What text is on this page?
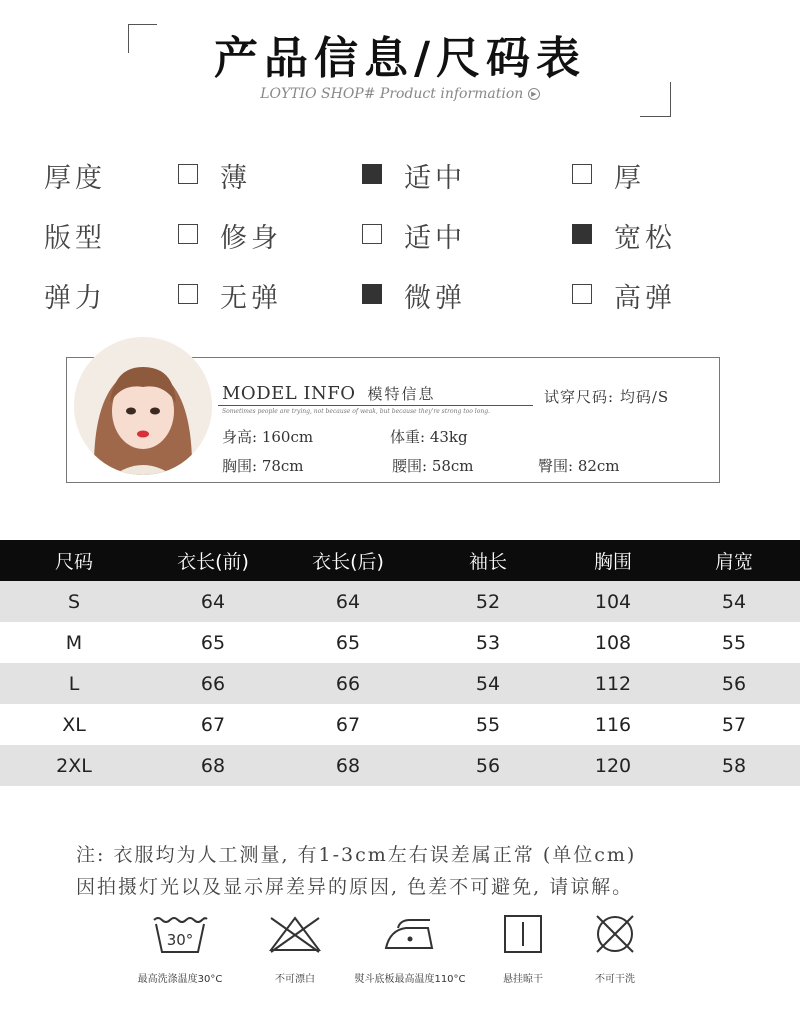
产品信息/尺码表
LOYTIO SHOP# Product information ▶
厚度	薄	适中	厚
版型	修身	适中	宽松
弹力	无弹	微弹	高弹
MODEL INFO 模特信息
Sometimes people are trying, not because of weak, but because they're strong too long.
试穿尺码: 均码/S
身高: 160cm	体重: 43kg
胸围: 78cm	腰围: 58cm	臀围: 82cm
尺码	衣长(前)	衣长(后)	袖长	胸围	肩宽
S	64	64	52	104	54
M	65	65	53	108	55
L	66	66	54	112	56
XL	67	67	55	116	57
2XL	68	68	56	120	58
注: 衣服均为人工测量, 有1-3cm左右误差属正常 (单位cm)
因拍摄灯光以及显示屏差异的原因, 色差不可避免, 请谅解。
30°
最高洗涤温度30°C	不可漂白	熨斗底板最高温度110°C	悬挂晾干	不可干洗
